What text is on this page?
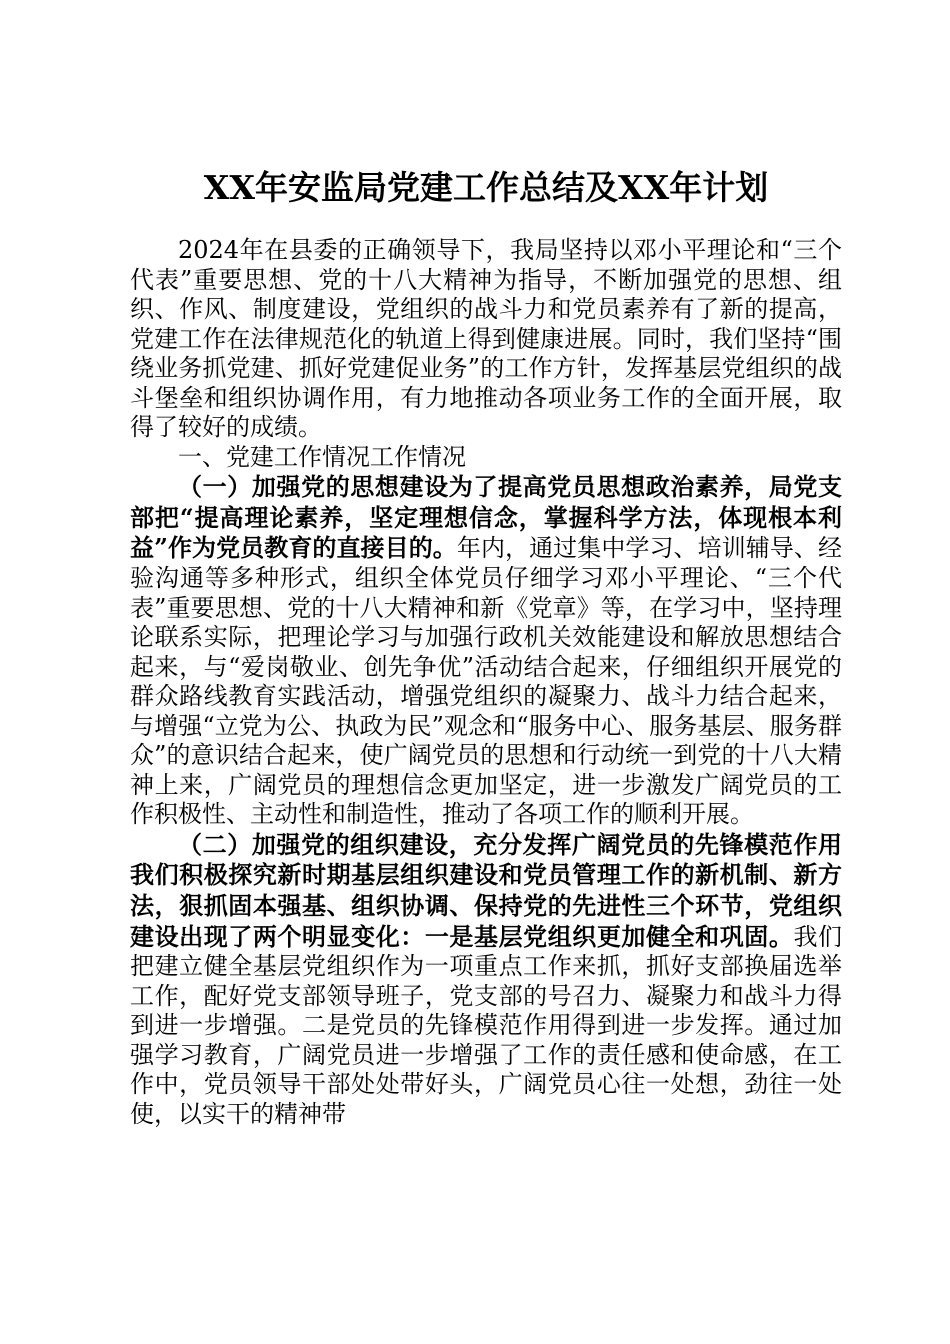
XX年安监局党建工作总结及XX年计划

2024年在县委的正确领导下，我局坚持以邓小平理论和“三个代表”重要思想、党的十八大精神为指导，不断加强党的思想、组织、作风、制度建设，党组织的战斗力和党员素养有了新的提高，党建工作在法律规范化的轨道上得到健康进展。同时，我们坚持“围绕业务抓党建、抓好党建促业务”的工作方针，发挥基层党组织的战斗堡垒和组织协调作用，有力地推动各项业务工作的全面开展，取得了较好的成绩。

一、党建工作情况工作情况

（一）加强党的思想建设为了提高党员思想政治素养，局党支部把“提高理论素养，坚定理想信念，掌握科学方法，体现根本利益”作为党员教育的直接目的。年内，通过集中学习、培训辅导、经验沟通等多种形式，组织全体党员仔细学习邓小平理论、“三个代表”重要思想、党的十八大精神和新《党章》等，在学习中，坚持理论联系实际，把理论学习与加强行政机关效能建设和解放思想结合起来，与“爱岗敬业、创先争优”活动结合起来，仔细组织开展党的群众路线教育实践活动，增强党组织的凝聚力、战斗力结合起来，与增强“立党为公、执政为民”观念和“服务中心、服务基层、服务群众”的意识结合起来，使广阔党员的思想和行动统一到党的十八大精神上来，广阔党员的理想信念更加坚定，进一步激发广阔党员的工作积极性、主动性和制造性，推动了各项工作的顺利开展。

（二）加强党的组织建设，充分发挥广阔党员的先锋模范作用我们积极探究新时期基层组织建设和党员管理工作的新机制、新方法，狠抓固本强基、组织协调、保持党的先进性三个环节，党组织建设出现了两个明显变化：一是基层党组织更加健全和巩固。我们把建立健全基层党组织作为一项重点工作来抓，抓好支部换届选举工作，配好党支部领导班子，党支部的号召力、凝聚力和战斗力得到进一步增强。二是党员的先锋模范作用得到进一步发挥。通过加强学习教育，广阔党员进一步增强了工作的责任感和使命感，在工作中，党员领导干部处处带好头，广阔党员心往一处想，劲往一处使，以实干的精神带
